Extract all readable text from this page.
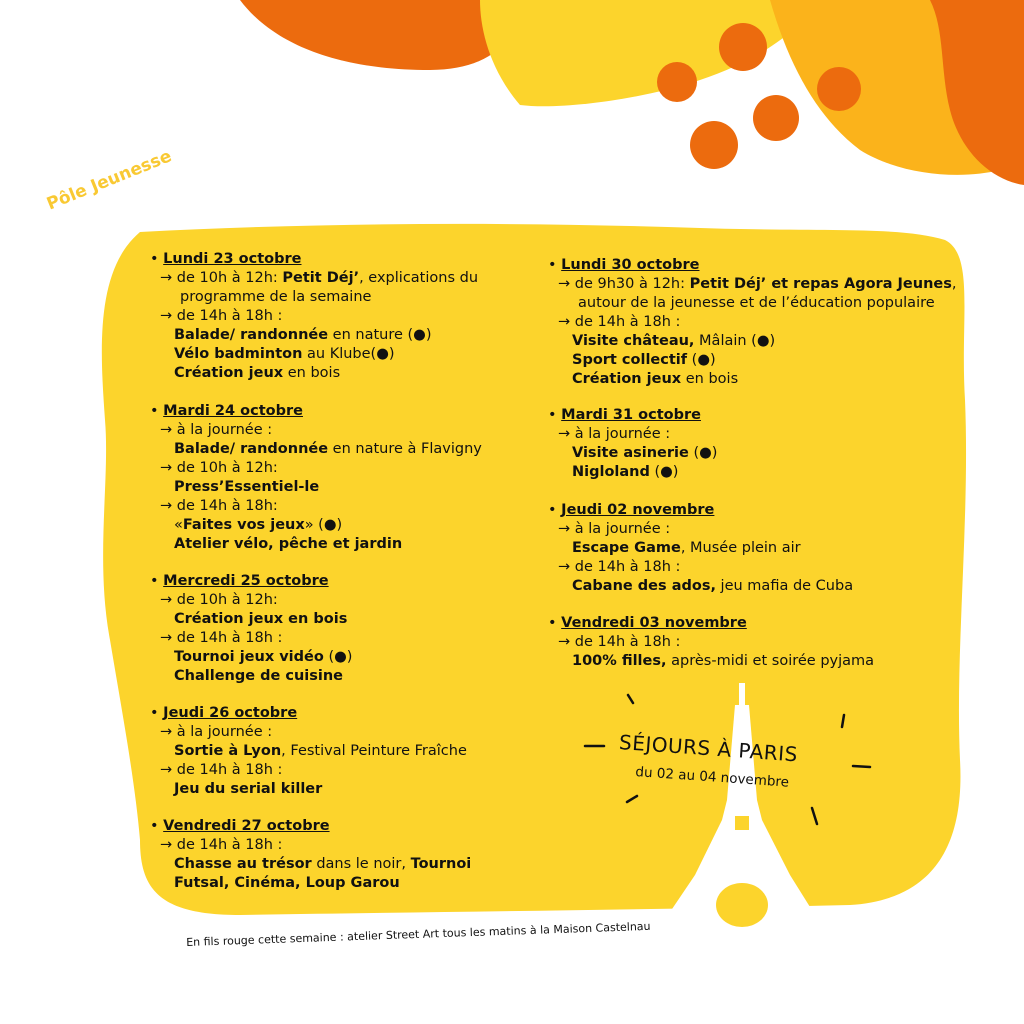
Pôle Jeunesse
• Lundi 23 octobre
→ de 10h à 12h: Petit Déj’, explications du
programme de la semaine
→ de 14h à 18h :
Balade/ randonnée en nature (●)
Vélo badminton au Klube(●)
Création jeux en bois
• Mardi 24 octobre
→ à la journée :
Balade/ randonnée en nature à Flavigny
→ de 10h à 12h:
Press’Essentiel-le
→ de 14h à 18h:
«Faites vos jeux» (●)
Atelier vélo, pêche et jardin
• Mercredi 25 octobre
→ de 10h à 12h:
Création jeux en bois
→ de 14h à 18h :
Tournoi jeux vidéo (●)
Challenge de cuisine
• Jeudi 26 octobre
→ à la journée :
Sortie à Lyon, Festival Peinture Fraîche
→ de 14h à 18h :
Jeu du serial killer
• Vendredi 27 octobre
→ de 14h à 18h :
Chasse au trésor dans le noir, Tournoi
Futsal, Cinéma, Loup Garou
• Lundi 30 octobre
→ de 9h30 à 12h: Petit Déj’ et repas Agora Jeunes,
autour de la jeunesse et de l’éducation populaire
→ de 14h à 18h :
Visite château, Mâlain (●)
Sport collectif (●)
Création jeux en bois
• Mardi 31 octobre
→ à la journée :
Visite asinerie (●)
Nigloland (●)
• Jeudi 02 novembre
→ à la journée :
Escape Game, Musée plein air
→ de 14h à 18h :
Cabane des ados, jeu mafia de Cuba
• Vendredi 03 novembre
→ de 14h à 18h :
100% filles, après-midi et soirée pyjama
SÉJOURS À PARIS
du 02 au 04 novembre
En fils rouge cette semaine : atelier Street Art tous les matins à la Maison Castelnau
